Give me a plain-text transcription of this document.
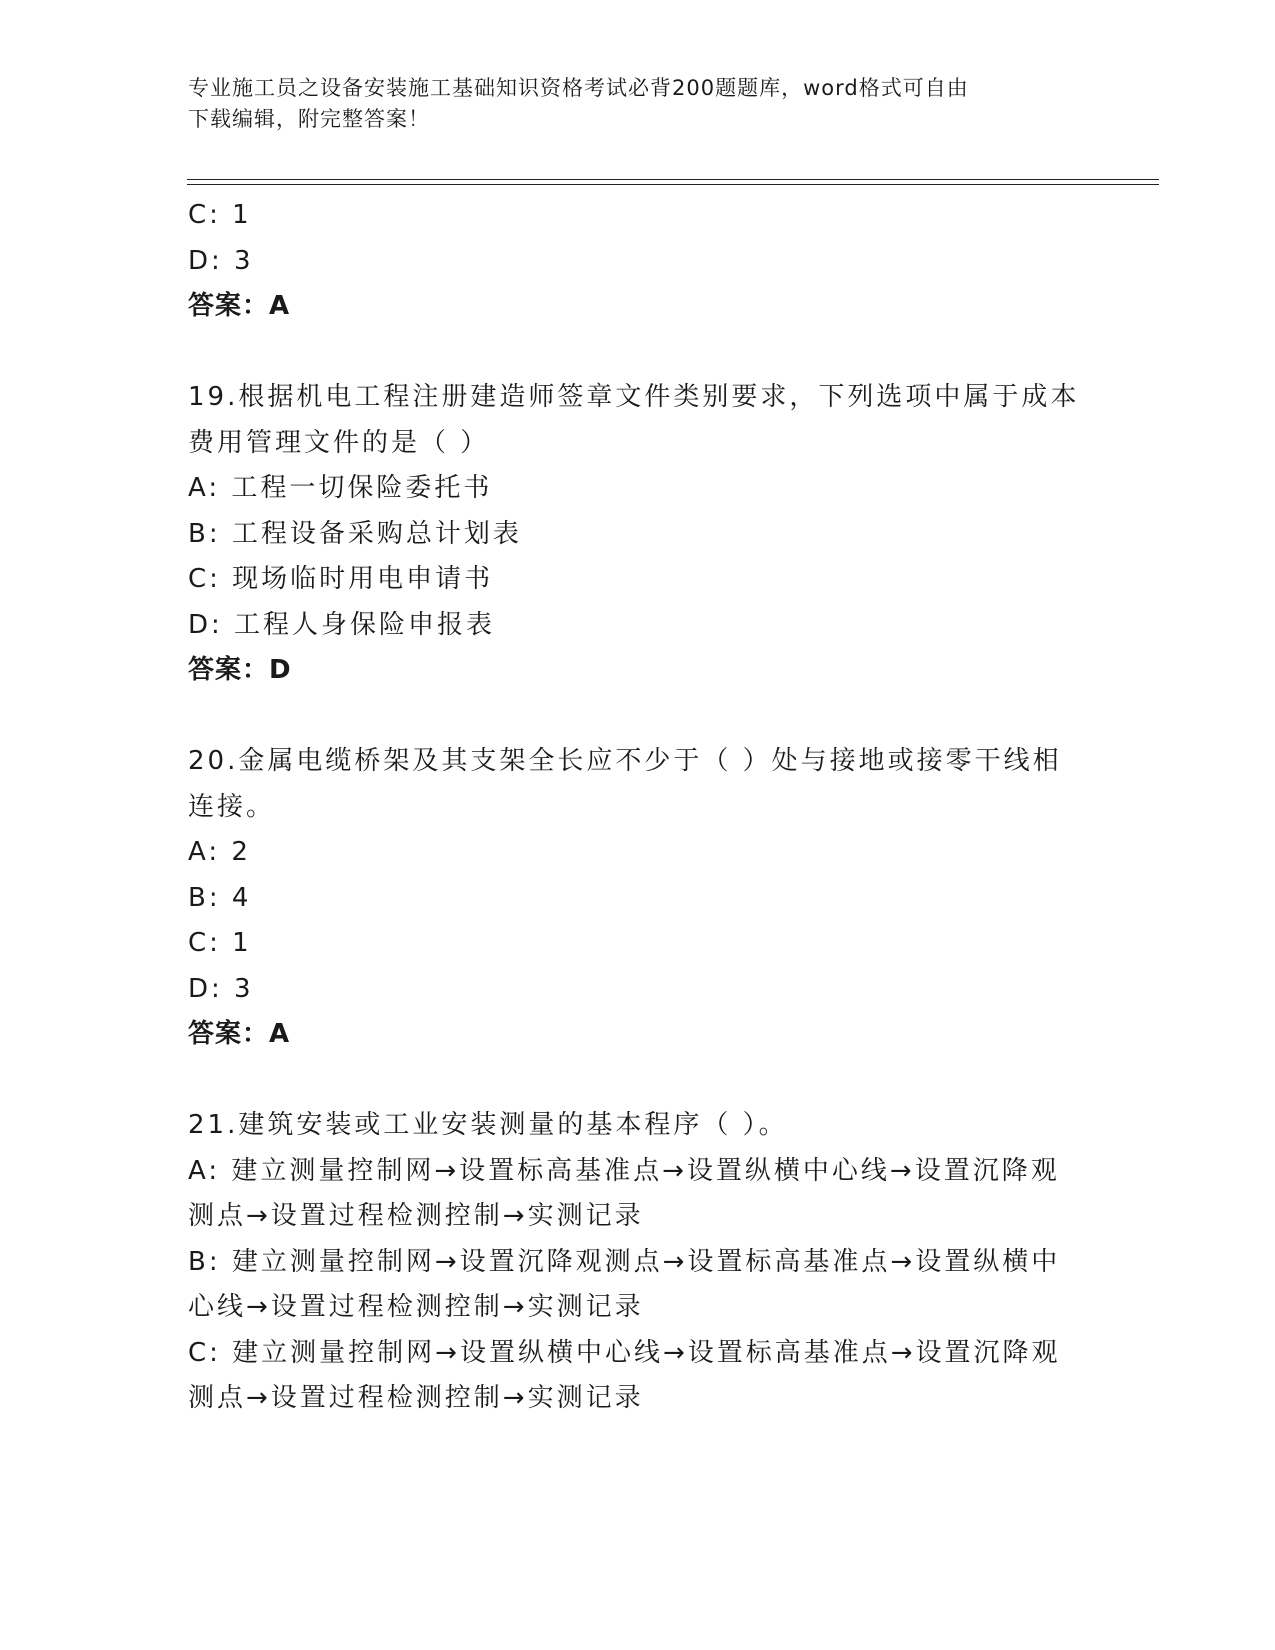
专业施工员之设备安装施工基础知识资格考试必背200题题库，word格式可自由
下载编辑，附完整答案！
C: 1
D: 3
答案：A
19.根据机电工程注册建造师签章文件类别要求，下列选项中属于成本
费用管理文件的是（ ）
A: 工程一切保险委托书
B: 工程设备采购总计划表
C: 现场临时用电申请书
D: 工程人身保险申报表
答案：D
20.金属电缆桥架及其支架全长应不少于（ ）处与接地或接零干线相
连接。
A: 2
B: 4
C: 1
D: 3
答案：A
21.建筑安装或工业安装测量的基本程序（ ）。
A: 建立测量控制网→设置标高基准点→设置纵横中心线→设置沉降观
测点→设置过程检测控制→实测记录
B: 建立测量控制网→设置沉降观测点→设置标高基准点→设置纵横中
心线→设置过程检测控制→实测记录
C: 建立测量控制网→设置纵横中心线→设置标高基准点→设置沉降观
测点→设置过程检测控制→实测记录
